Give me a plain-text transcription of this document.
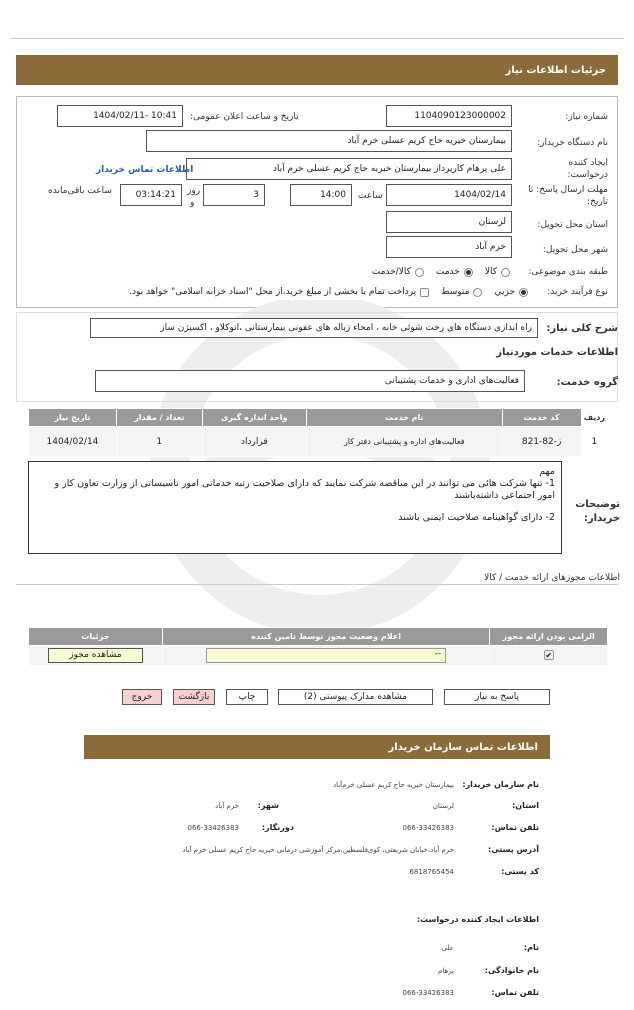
جزئیات اطلاعات نیاز
شماره نیاز:
1104090123000002
تاریخ و ساعت اعلان عمومی:
1404/02/11- 10:41
نام دستگاه خریدار:
بیمارستان خیریه حاج کریم عسلی خرم آباد
ایجاد کننده درخواست:
علی پرهام کارپرداز بیمارستان خیریه حاج کریم عسلی خرم آباد
اطلاعات تماس خریدار
مهلت ارسال پاسخ: تا تاریخ:
1404/02/14
ساعت
14:00
3
روز
و
03:14:21
ساعت باقی‌مانده
استان محل تحویل:
لرستان
شهر محل تحویل:
خرم آباد
طبقه بندی موضوعی:
کالا
خدمت
کالا/خدمت
نوع فرآیند خرید:
جزیي
متوسط
پرداخت تمام یا بخشی از مبلغ خرید،از محل "اسناد خزانه اسلامی" خواهد بود.
شرح کلی نیاز:
راه اندازی دستگاه های رخت شوئی خانه ، امحاء زباله های عفونی بیمارستانی ،اتوکلاو ، اکسیژن ساز
اطلاعات خدمات موردنیاز
گروه خدمت:
فعالیت‌های اداری و خدمات پشتیبانی
ردیف	کد خدمت	نام خدمت	واحد اندازه گیری	تعداد / مقدار	تاریخ نیاز
1	ز-82-821	فعالیت‌های اداره و پشتیبانی دفتر کار	قرارداد	1	1404/02/14
توضیحات خریدار:
مهم
1- تنها شرکت هائی می توانند در این مناقصه شرکت نمایند که دارای صلاحیت رتبه خدماتی امور تاسیساتی از وزارت تعاون کار و امور اجتماعی داشته‌باشند
2- دارای گواهینامه صلاحیت ایمنی باشند
اطلاعات مجوزهای ارائه خدمت / کالا
الزامی بودن ارائه مجوز	اعلام وضعیت مجوز توسط تامین کننده	جزئیات
✔	--	مشاهده مجوز
پاسخ به نیاز
مشاهده مدارک پیوستی (2)
چاپ
بازگشت
خروج
اطلاعات تماس سازمان خریدار
نام سازمان خریدار:
بیمارستان خیریه حاج کریم عسلی خرم‌آباد
استان:
لرستان
شهر:
خرم آباد
تلفن تماس:
066-33426383
دورنگار:
066-33426383
آدرس پستی:
خرم آباد،خیابان شریعتی، کوی‌فلسطین،مرکز آموزشی درمانی خیریه حاج کریم عسلی خرم آباد
کد پستی:
6818765454
اطلاعات ایجاد کننده درخواست:
نام:
علی
نام خانوادگی:
پرهام
تلفن تماس:
066-33426383
